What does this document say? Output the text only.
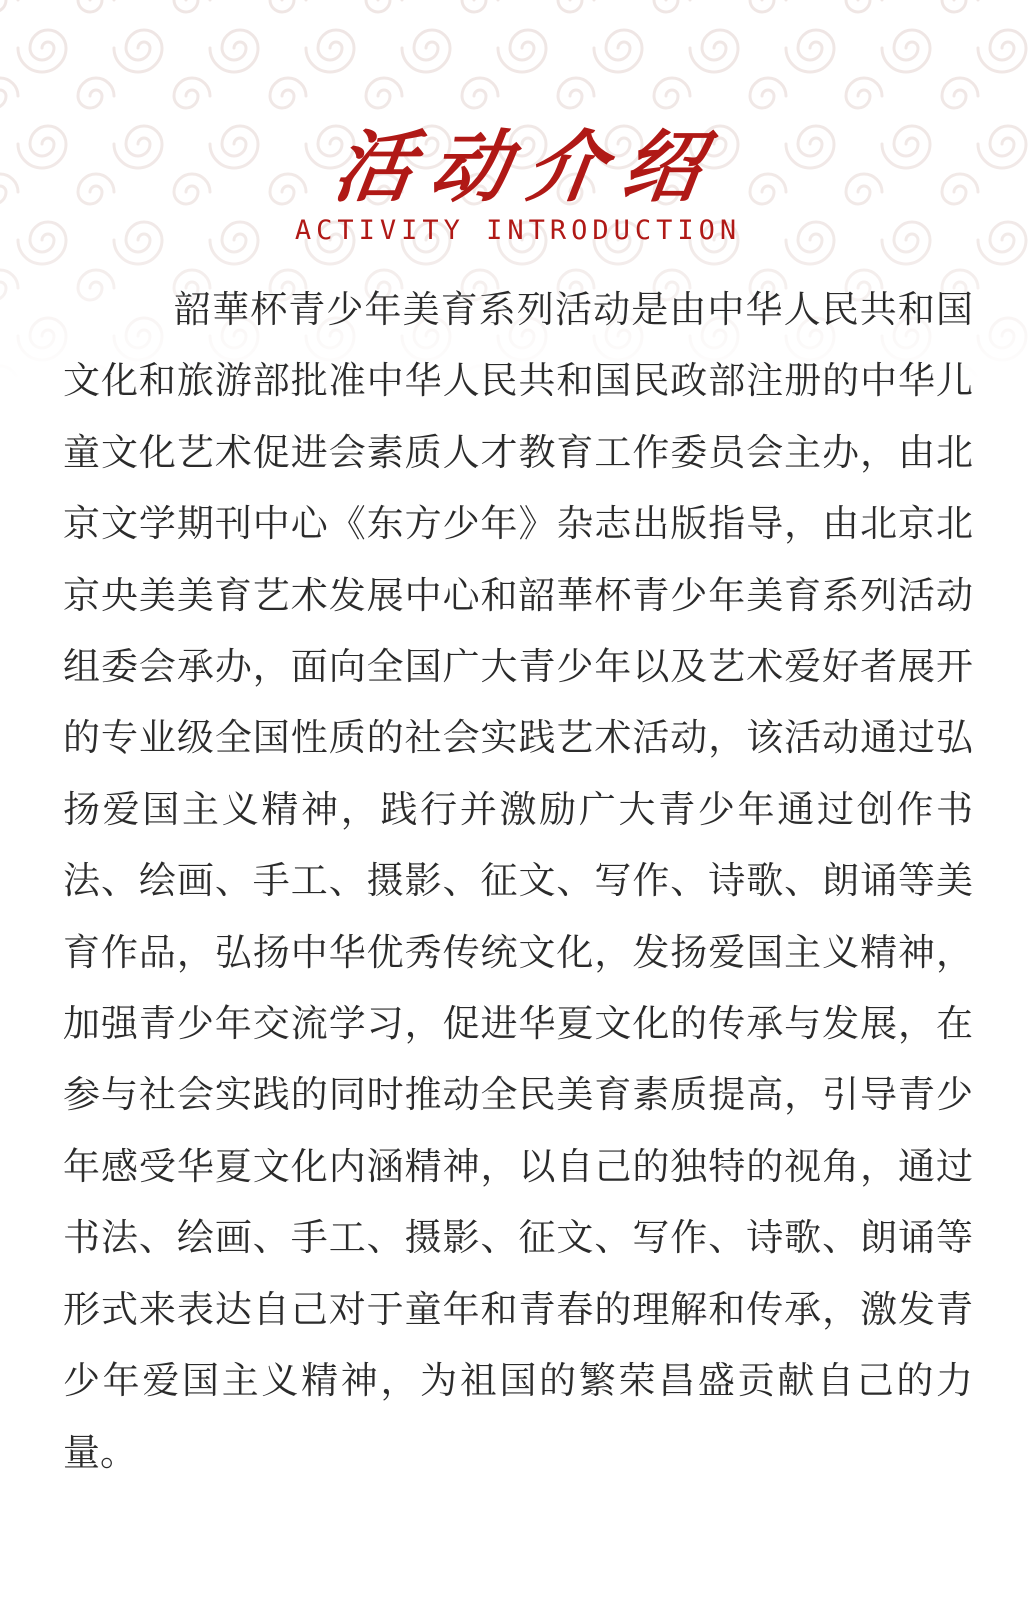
活动介绍
ACTIVITY INTRODUCTION

韶華杯青少年美育系列活动是由中华人民共和国文化和旅游部批准中华人民共和国民政部注册的中华儿童文化艺术促进会素质人才教育工作委员会主办，由北京文学期刊中心《东方少年》杂志出版指导，由北京北京央美美育艺术发展中心和韶華杯青少年美育系列活动组委会承办，面向全国广大青少年以及艺术爱好者展开的专业级全国性质的社会实践艺术活动，该活动通过弘扬爱国主义精神，践行并激励广大青少年通过创作书法、绘画、手工、摄影、征文、写作、诗歌、朗诵等美育作品，弘扬中华优秀传统文化，发扬爱国主义精神，加强青少年交流学习，促进华夏文化的传承与发展，在参与社会实践的同时推动全民美育素质提高，引导青少年感受华夏文化内涵精神，以自己的独特的视角，通过书法、绘画、手工、摄影、征文、写作、诗歌、朗诵等形式来表达自己对于童年和青春的理解和传承，激发青少年爱国主义精神，为祖国的繁荣昌盛贡献自己的力量。
